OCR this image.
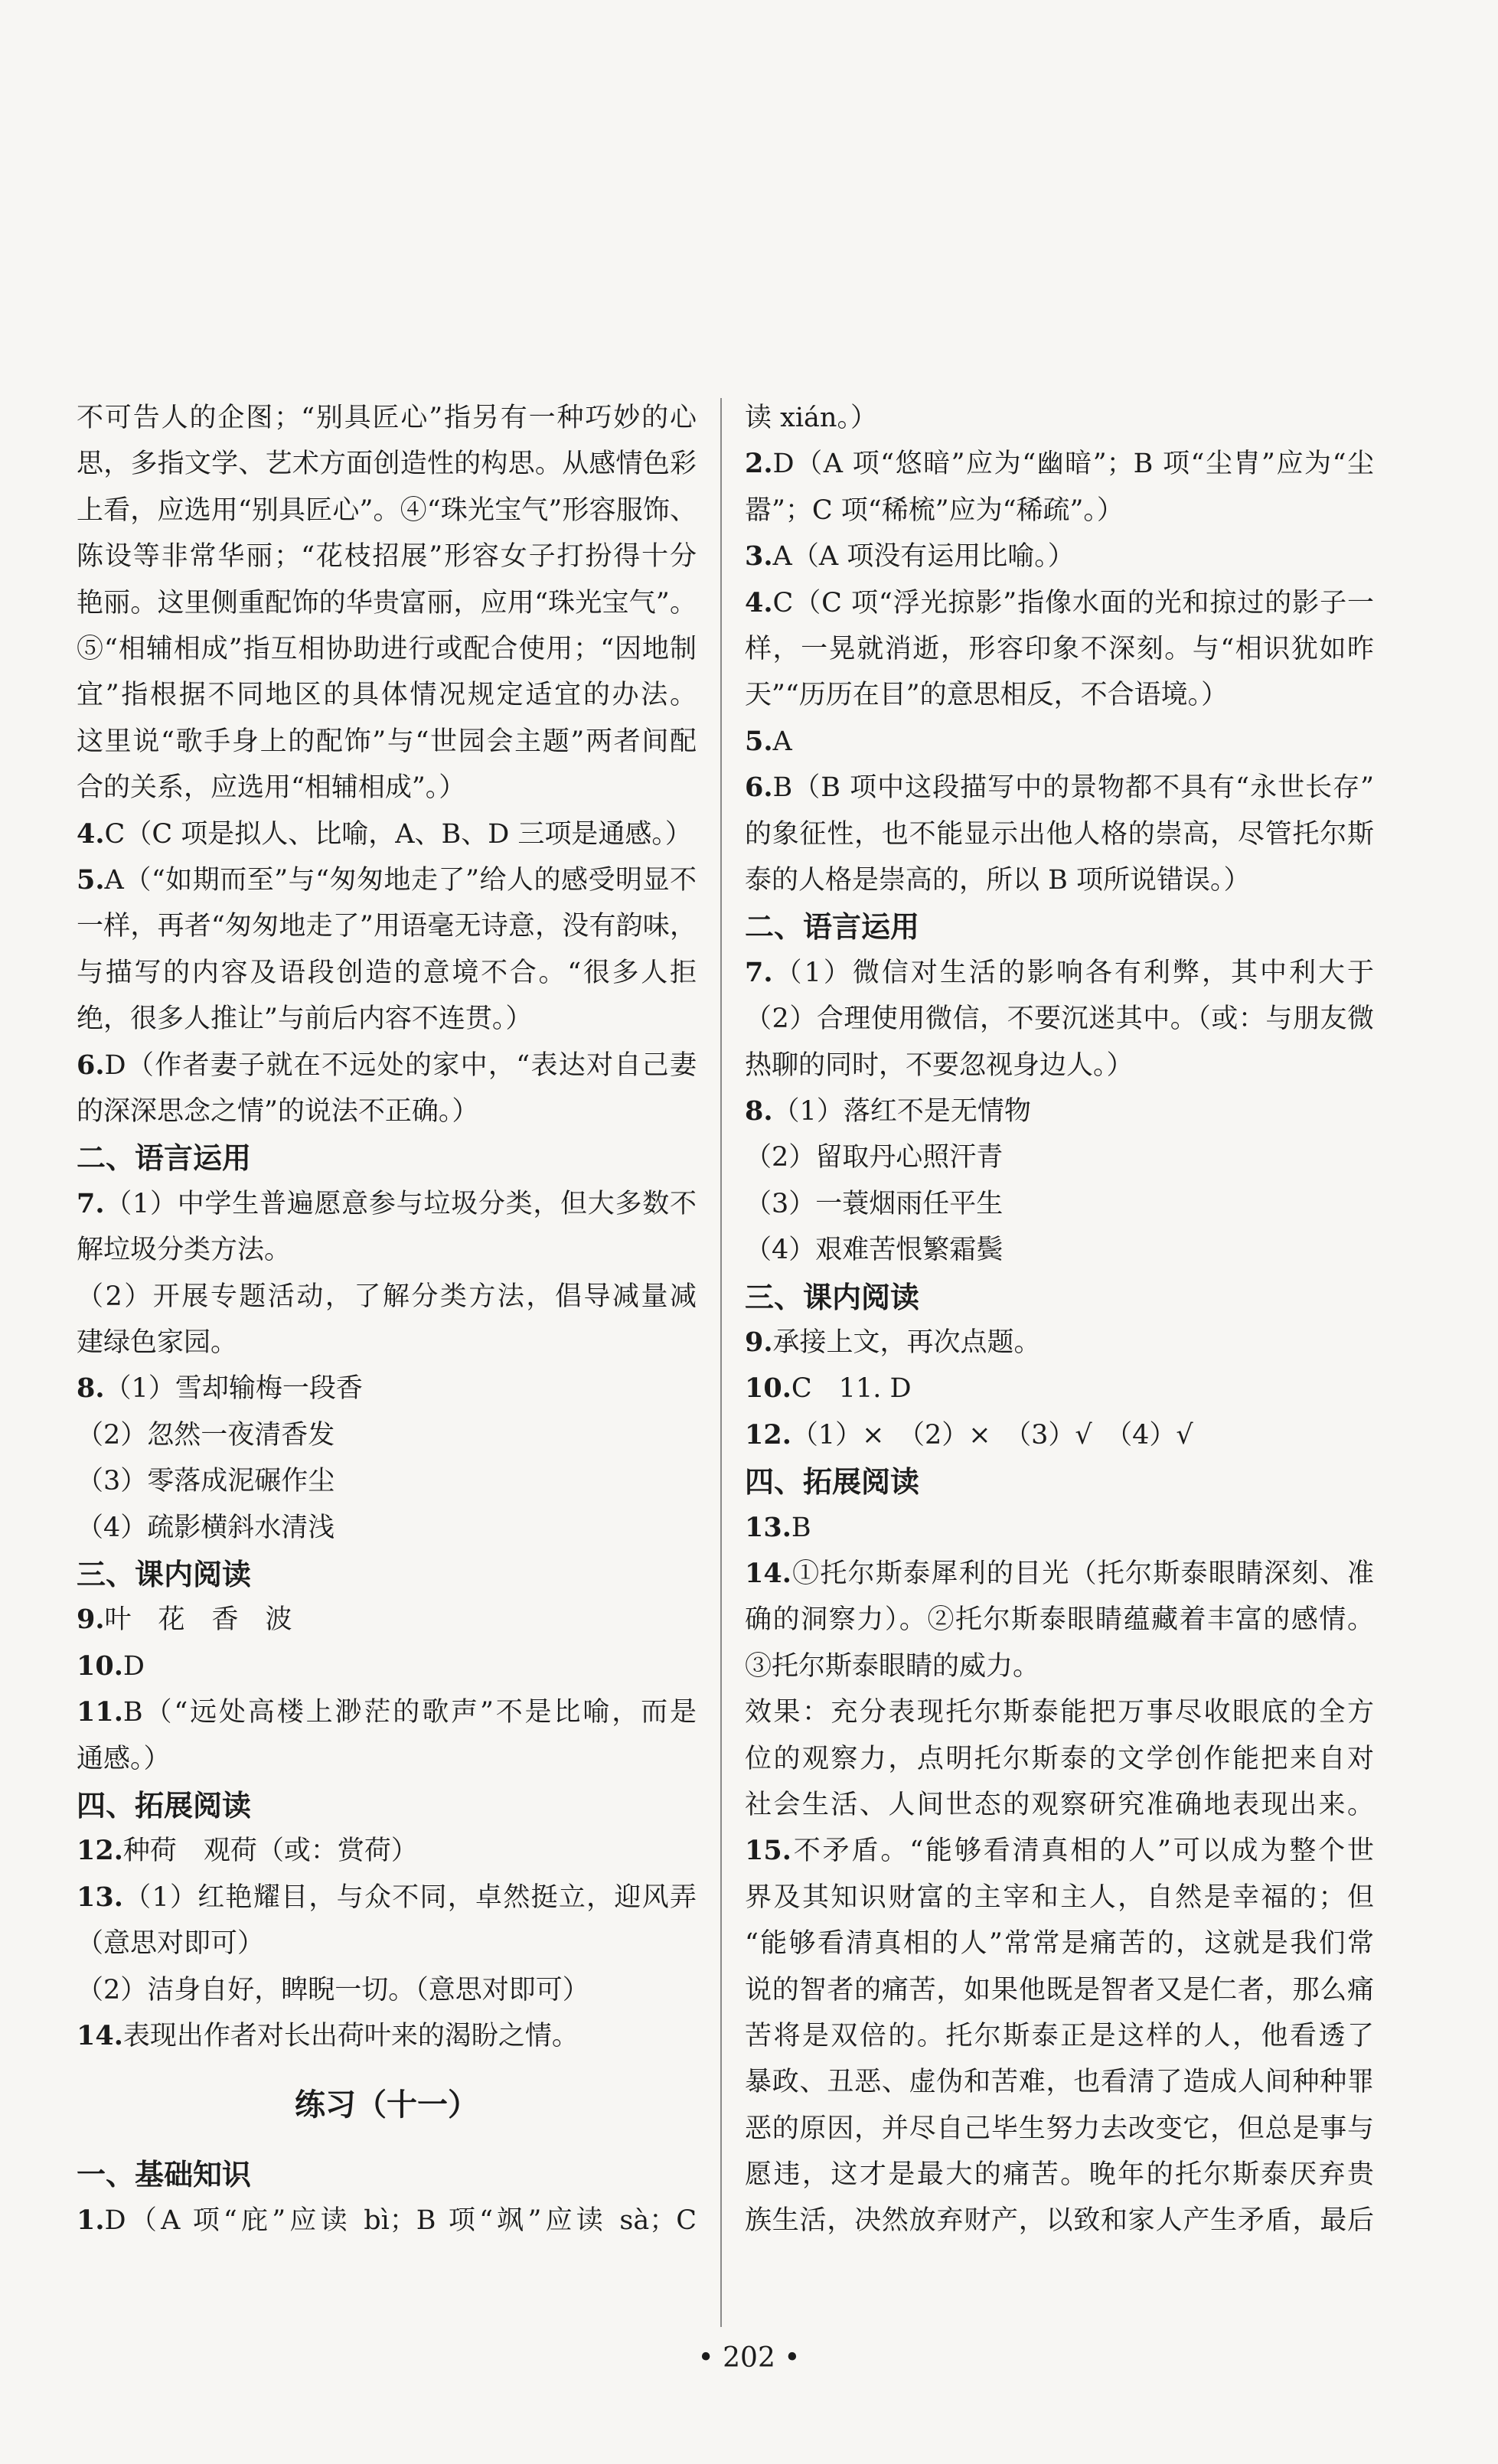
不可告人的企图；“别具匠心”指另有一种巧妙的心
思，多指文学、艺术方面创造性的构思。从感情色彩
上看，应选用“别具匠心”。④“珠光宝气”形容服饰、
陈设等非常华丽；“花枝招展”形容女子打扮得十分
艳丽。这里侧重配饰的华贵富丽，应用“珠光宝气”。
⑤“相辅相成”指互相协助进行或配合使用；“因地制
宜”指根据不同地区的具体情况规定适宜的办法。
这里说“歌手身上的配饰”与“世园会主题”两者间配
合的关系，应选用“相辅相成”。）
4.C（C 项是拟人、比喻，A、B、D 三项是通感。）
5.A（“如期而至”与“匆匆地走了”给人的感受明显不
一样，再者“匆匆地走了”用语毫无诗意，没有韵味，
与描写的内容及语段创造的意境不合。“很多人拒
绝，很多人推让”与前后内容不连贯。）
6.D（作者妻子就在不远处的家中，“表达对自己妻
的深深思念之情”的说法不正确。）
二、语言运用
7.（1）中学生普遍愿意参与垃圾分类，但大多数不
解垃圾分类方法。
（2）开展专题活动，了解分类方法，倡导减量减
建绿色家园。
8.（1）雪却输梅一段香
（2）忽然一夜清香发
（3）零落成泥碾作尘
（4）疏影横斜水清浅
三、课内阅读
9.叶　花　香　波
10.D
11.B（“远处高楼上渺茫的歌声”不是比喻，而是
通感。）
四、拓展阅读
12.种荷　观荷（或：赏荷）
13.（1）红艳耀目，与众不同，卓然挺立，迎风弄
（意思对即可）
（2）洁身自好，睥睨一切。（意思对即可）
14.表现出作者对长出荷叶来的渴盼之情。
练习（十一）
一、基础知识
1.D（A 项“庇”应读 bì；B 项“飒”应读 sà；C
读 xián。）
2.D（A 项“悠暗”应为“幽暗”；B 项“尘胄”应为“尘
嚣”；C 项“稀梳”应为“稀疏”。）
3.A（A 项没有运用比喻。）
4.C（C 项“浮光掠影”指像水面的光和掠过的影子一
样，一晃就消逝，形容印象不深刻。与“相识犹如昨
天”“历历在目”的意思相反，不合语境。）
5.A
6.B（B 项中这段描写中的景物都不具有“永世长存”
的象征性，也不能显示出他人格的崇高，尽管托尔斯
泰的人格是崇高的，所以 B 项所说错误。）
二、语言运用
7.（1）微信对生活的影响各有利弊，其中利大于
（2）合理使用微信，不要沉迷其中。（或：与朋友微
热聊的同时，不要忽视身边人。）
8.（1）落红不是无情物
（2）留取丹心照汗青
（3）一蓑烟雨任平生
（4）艰难苦恨繁霜鬓
三、课内阅读
9.承接上文，再次点题。
10.C　11. D
12.（1）×　（2）×　（3）√　（4）√
四、拓展阅读
13.B
14.①托尔斯泰犀利的目光（托尔斯泰眼睛深刻、准
确的洞察力）。②托尔斯泰眼睛蕴藏着丰富的感情。
③托尔斯泰眼睛的威力。
效果：充分表现托尔斯泰能把万事尽收眼底的全方
位的观察力，点明托尔斯泰的文学创作能把来自对
社会生活、人间世态的观察研究准确地表现出来。
15.不矛盾。“能够看清真相的人”可以成为整个世
界及其知识财富的主宰和主人，自然是幸福的；但
“能够看清真相的人”常常是痛苦的，这就是我们常
说的智者的痛苦，如果他既是智者又是仁者，那么痛
苦将是双倍的。托尔斯泰正是这样的人，他看透了
暴政、丑恶、虚伪和苦难，也看清了造成人间种种罪
恶的原因，并尽自己毕生努力去改变它，但总是事与
愿违，这才是最大的痛苦。晚年的托尔斯泰厌弃贵
族生活，决然放弃财产，以致和家人产生矛盾，最后
• 202 •
